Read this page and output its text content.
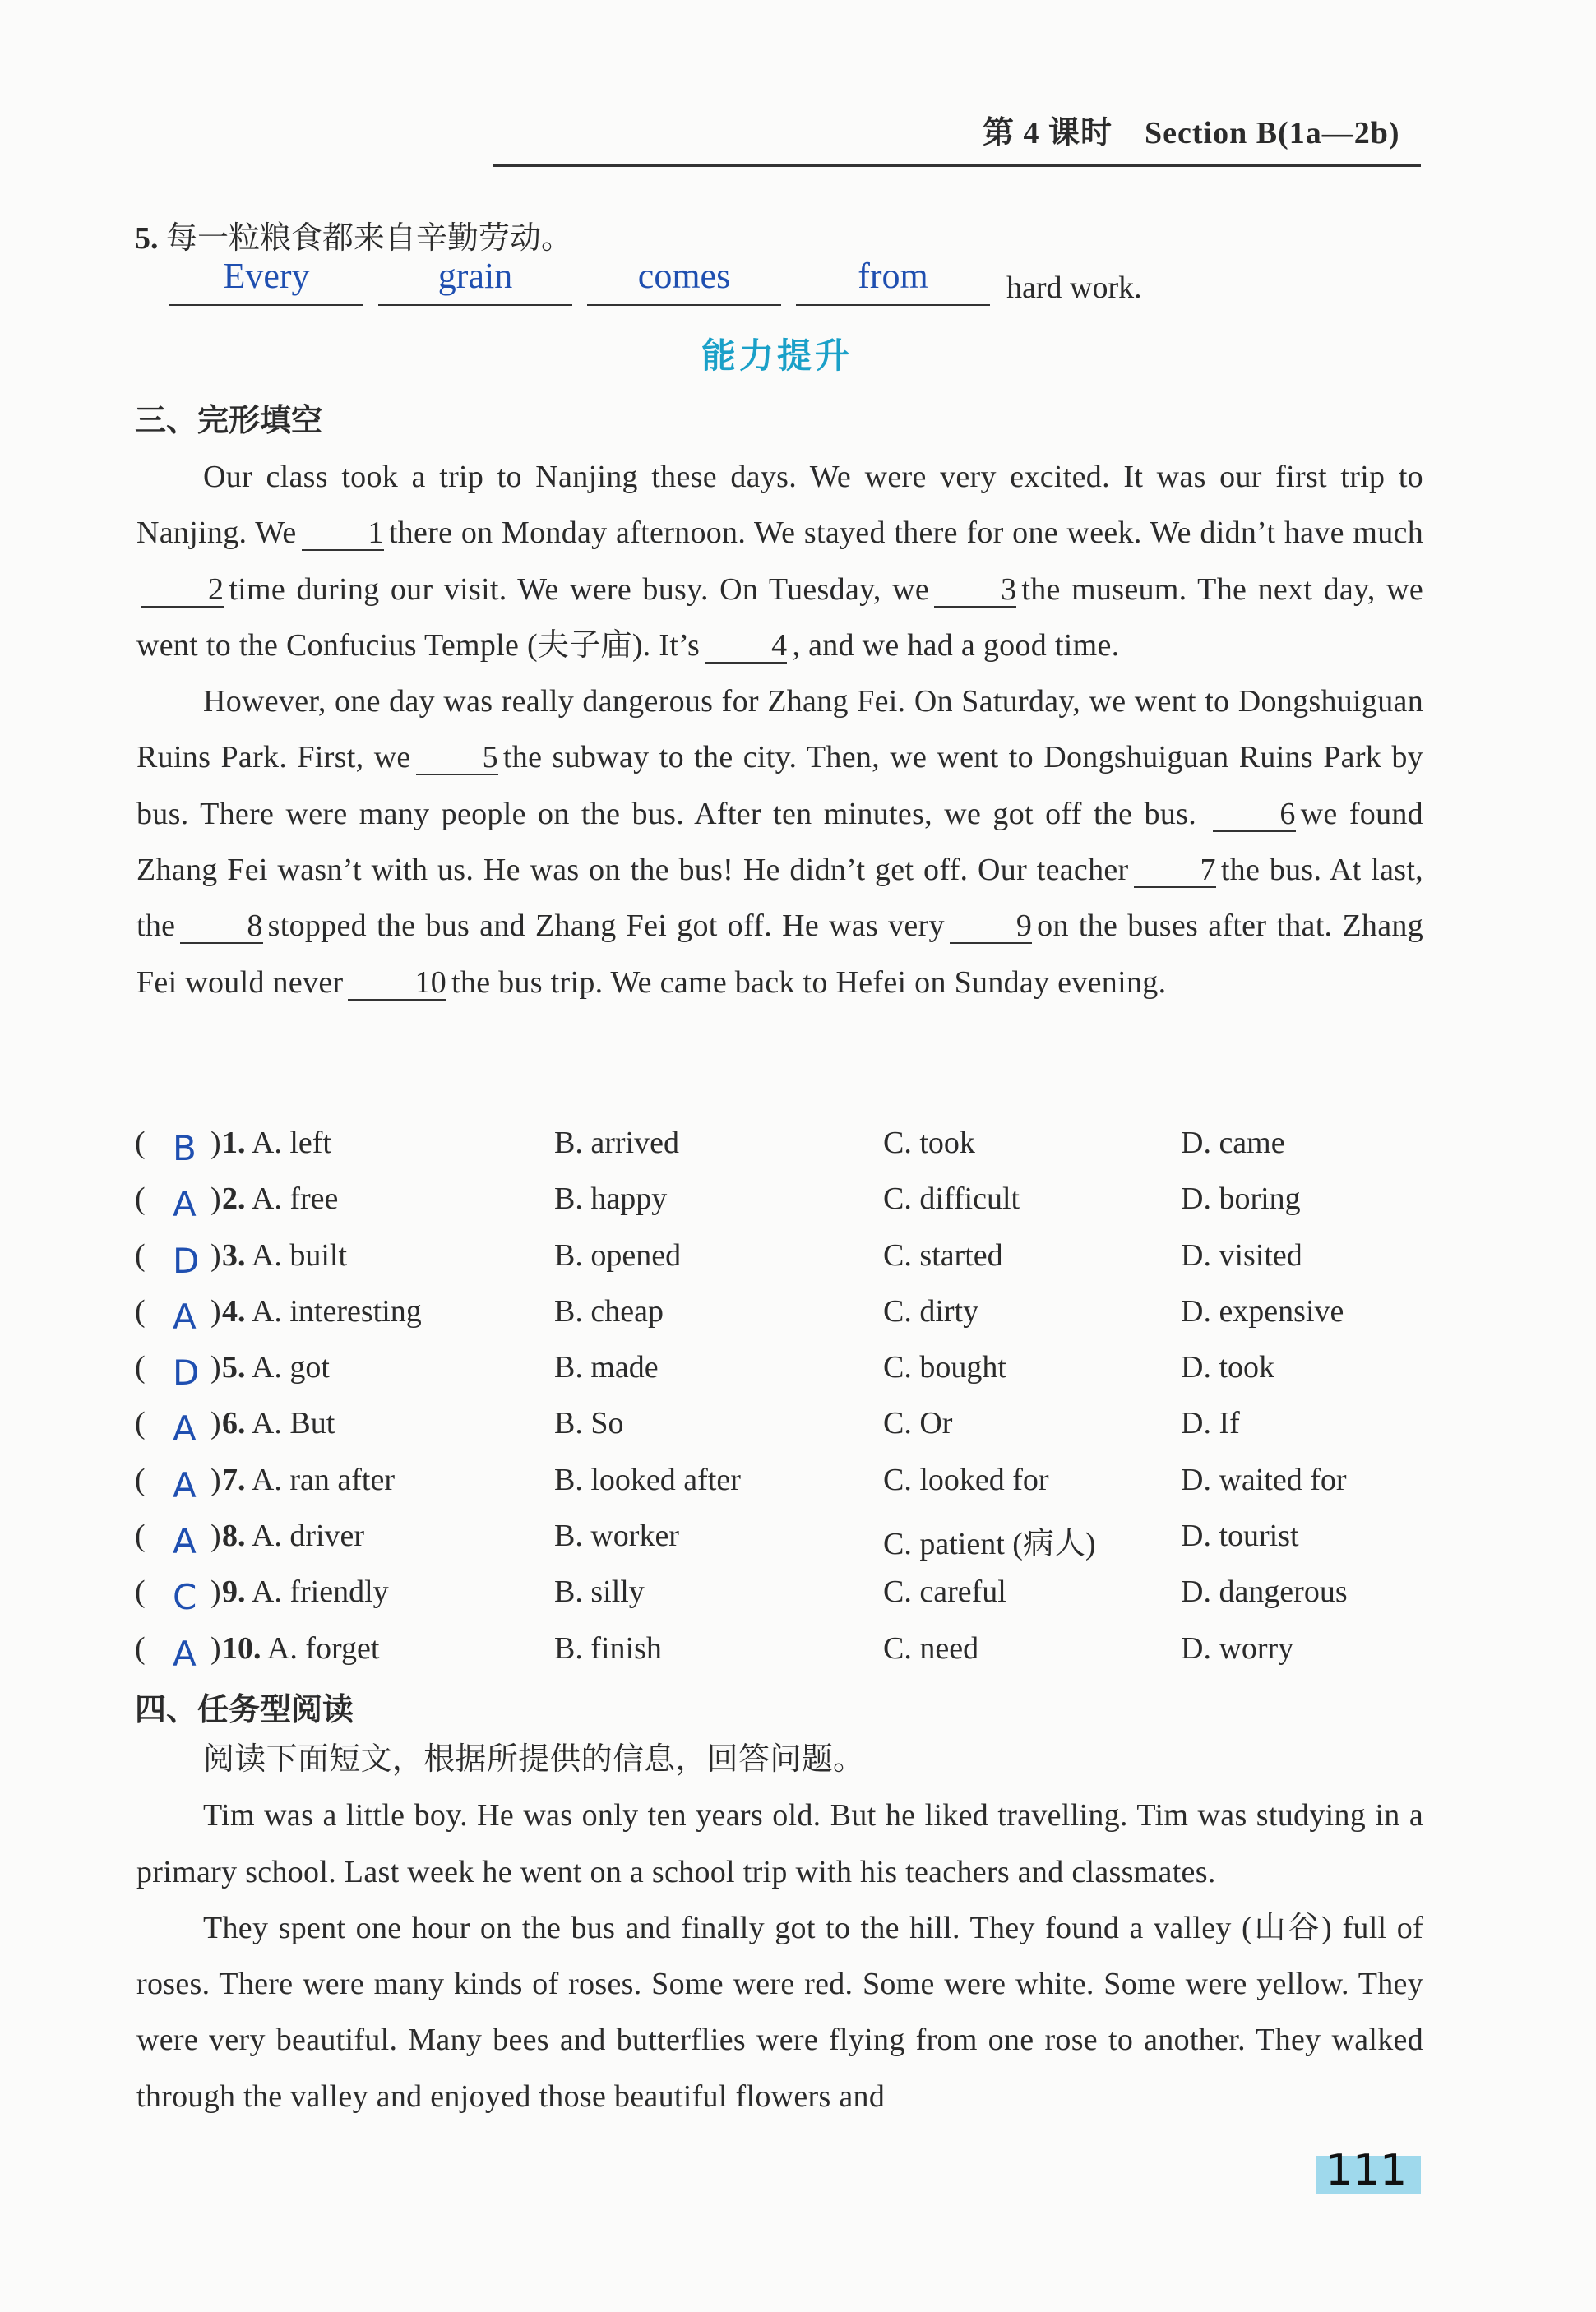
第 4 课时　Section B(1a—2b)
5. 每一粒粮食都来自辛勤劳动。
Every	grain	comes	from	hard work.
能力提升
三、完形填空

Our class took a trip to Nanjing these days. We were very excited. It was our first trip to Nanjing. We 1 there on Monday afternoon. We stayed there for one week. We didn’t have much2 time during our visit. We were busy. On Tuesday, we 3 the museum. The next day, we went to the Confucius Temple (夫子庙). It’s 4 , and we had a good time.

However, one day was really dangerous for Zhang Fei. On Saturday, we went to Dongshuiguan Ruins Park. First, we 5 the subway to the city. Then, we went to Dongshuiguan Ruins Park by bus. There were many people on the bus. After ten minutes, we got off the bus.	6 we found Zhang Fei wasn’t with us. He was on the bus! He didn’t get off. Our teacher 7 the bus. At last, the 8 stopped the bus and Zhang Fei got off. He was very 9 on the buses after that. Zhang Fei would never 10 the bus trip. We came back to Hefei on Sunday evening.

( B ) 1. A. left	B. arrived	C. took	D. came
( A ) 2. A. free	B. happy	C. difficult	D. boring
( D ) 3. A. built	B. opened	C. started	D. visited
( A ) 4. A. interesting	B. cheap	C. dirty	D. expensive
( D ) 5. A. got	B. made	C. bought	D. took
( A ) 6. A. But	B. So	C. Or	D. If
( A ) 7. A. ran after	B. looked after	C. looked for	D. waited for
( A ) 8. A. driver	B. worker	C. patient (病人)	D. tourist
( C ) 9. A. friendly	B. silly	C. careful	D. dangerous
( A ) 10. A. forget	B. finish	C. need	D. worry
四、任务型阅读

阅读下面短文，根据所提供的信息，回答问题。

Tim was a little boy. He was only ten years old. But he liked travelling. Tim was studying in a primary school. Last week he went on a school trip with his teachers and classmates.

They spent one hour on the bus and finally got to the hill. They found a valley (山谷) full of roses. There were many kinds of roses. Some were red. Some were white. Some were yellow. They were very beautiful. Many bees and butterflies were flying from one rose to another. They walked through the valley and enjoyed those beautiful flowers and

111
